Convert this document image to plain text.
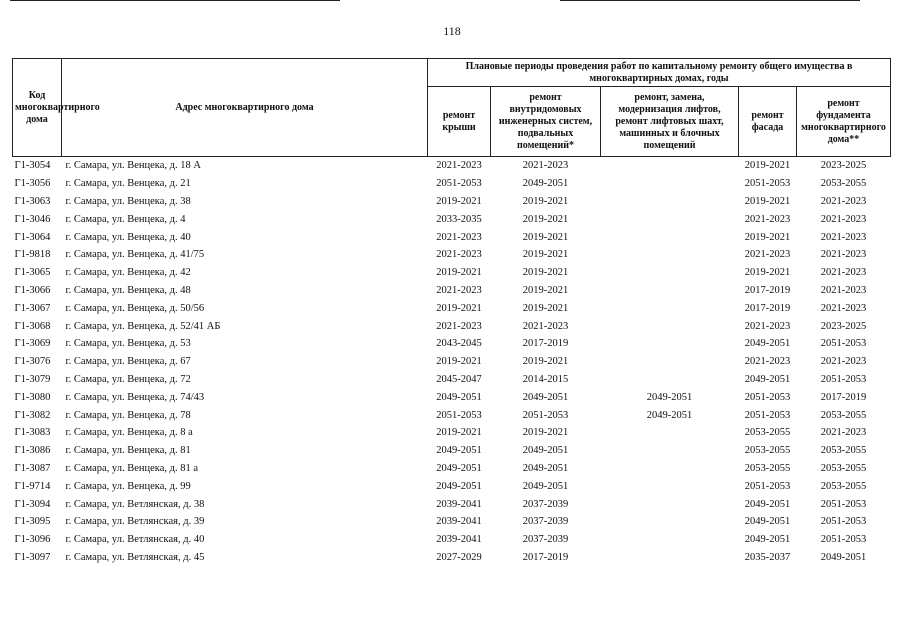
118
Код многоквартирного дома	Адрес многоквартирного дома	Плановые периоды проведения работ по капитальному ремонту общего имущества в многоквартирных домах, годы				
		ремонт крыши	ремонт внутридомовых инженерных систем, подвальных помещений*	ремонт, замена, модернизация лифтов, ремонт лифтовых шахт, машинных и блочных помещений	ремонт фасада	ремонт фундамента многоквартирного дома**
Г1-3054	г. Самара, ул. Венцека, д. 18 А	2021-2023	2021-2023		2019-2021	2023-2025
Г1-3056	г. Самара, ул. Венцека, д. 21	2051-2053	2049-2051		2051-2053	2053-2055
Г1-3063	г. Самара, ул. Венцека, д. 38	2019-2021	2019-2021		2019-2021	2021-2023
Г1-3046	г. Самара, ул. Венцека, д. 4	2033-2035	2019-2021		2021-2023	2021-2023
Г1-3064	г. Самара, ул. Венцека, д. 40	2021-2023	2019-2021		2019-2021	2021-2023
Г1-9818	г. Самара, ул. Венцека, д. 41/75	2021-2023	2019-2021		2021-2023	2021-2023
Г1-3065	г. Самара, ул. Венцека, д. 42	2019-2021	2019-2021		2019-2021	2021-2023
Г1-3066	г. Самара, ул. Венцека, д. 48	2021-2023	2019-2021		2017-2019	2021-2023
Г1-3067	г. Самара, ул. Венцека, д. 50/56	2019-2021	2019-2021		2017-2019	2021-2023
Г1-3068	г. Самара, ул. Венцека, д. 52/41 АБ	2021-2023	2021-2023		2021-2023	2023-2025
Г1-3069	г. Самара, ул. Венцека, д. 53	2043-2045	2017-2019		2049-2051	2051-2053
Г1-3076	г. Самара, ул. Венцека, д. 67	2019-2021	2019-2021		2021-2023	2021-2023
Г1-3079	г. Самара, ул. Венцека, д. 72	2045-2047	2014-2015		2049-2051	2051-2053
Г1-3080	г. Самара, ул. Венцека, д. 74/43	2049-2051	2049-2051	2049-2051	2051-2053	2017-2019
Г1-3082	г. Самара, ул. Венцека, д. 78	2051-2053	2051-2053	2049-2051	2051-2053	2053-2055
Г1-3083	г. Самара, ул. Венцека, д. 8 а	2019-2021	2019-2021		2053-2055	2021-2023
Г1-3086	г. Самара, ул. Венцека, д. 81	2049-2051	2049-2051		2053-2055	2053-2055
Г1-3087	г. Самара, ул. Венцека, д. 81 а	2049-2051	2049-2051		2053-2055	2053-2055
Г1-9714	г. Самара, ул. Венцека, д. 99	2049-2051	2049-2051		2051-2053	2053-2055
Г1-3094	г. Самара, ул. Ветлянская, д. 38	2039-2041	2037-2039		2049-2051	2051-2053
Г1-3095	г. Самара, ул. Ветлянская, д. 39	2039-2041	2037-2039		2049-2051	2051-2053
Г1-3096	г. Самара, ул. Ветлянская, д. 40	2039-2041	2037-2039		2049-2051	2051-2053
Г1-3097	г. Самара, ул. Ветлянская, д. 45	2027-2029	2017-2019		2035-2037	2049-2051
